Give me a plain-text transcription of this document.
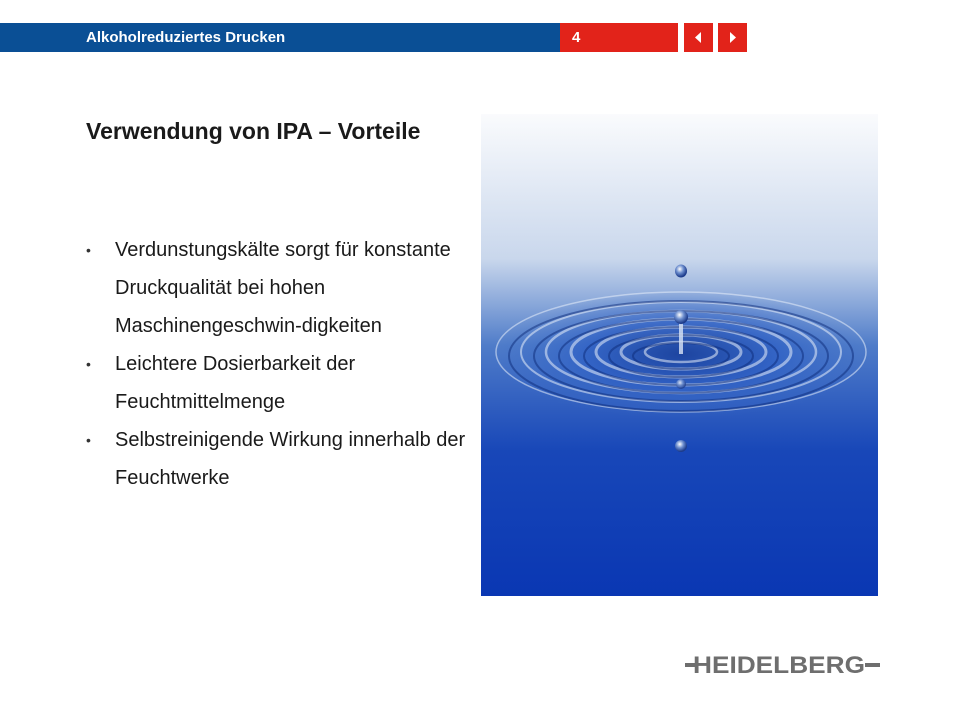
Alkoholreduziertes Drucken	4
Verwendung von IPA – Vorteile
• Verdunstungskälte sorgt für konstante Druckqualität bei hohen Maschinengeschwin-digkeiten
• Leichtere Dosierbarkeit der Feuchtmittelmenge
• Selbstreinigende Wirkung innerhalb der Feuchtwerke
HEIDELBERG
